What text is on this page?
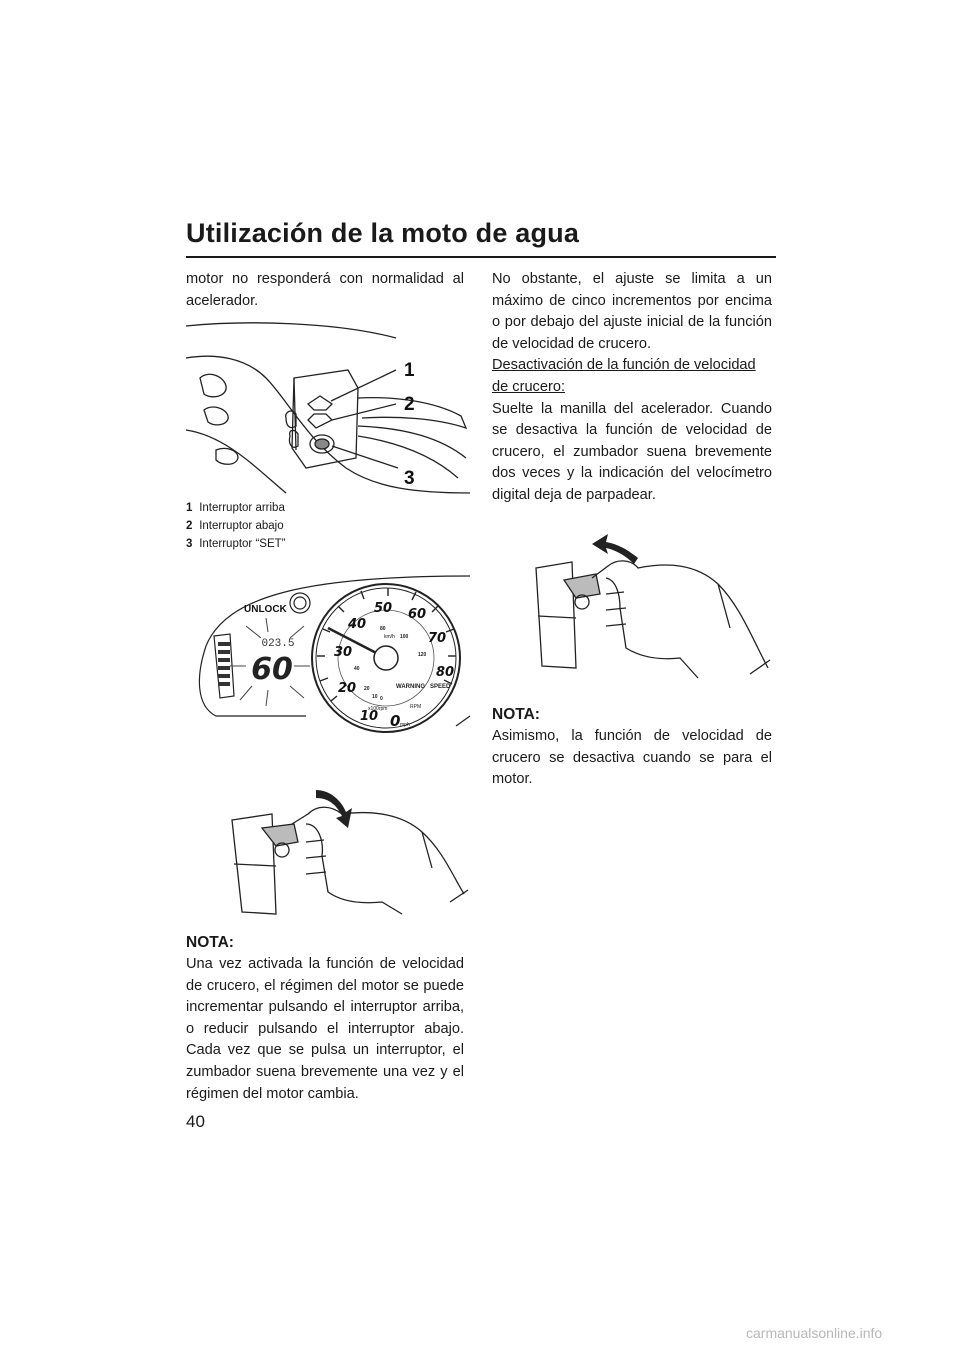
Utilización de la moto de agua

motor no responderá con normalidad al acelerador.

1
2
3
1 Interruptor arriba
2 Interruptor abajo
3 Interruptor “SET”
UNLOCK
023.5
60
10
20
30
40
50 60
70
80
0 mph
km/h
0
10
20
40
80
100
120
x100rpm	RPM
WARNING SPEED

NOTA:

Una vez activada la función de velocidad de crucero, el régimen del motor se puede incrementar pulsando el interruptor arriba, o reducir pulsando el interruptor abajo. Cada vez que se pulsa un interruptor, el zumbador suena brevemente una vez y el régimen del motor cambia.

No obstante, el ajuste se limita a un máximo de cinco incrementos por encima o por debajo del ajuste inicial de la función de velocidad de crucero.

Desactivación de la función de velocidad de crucero:

Suelte la manilla del acelerador. Cuando se desactiva la función de velocidad de crucero, el zumbador suena brevemente dos veces y la indicación del velocímetro digital deja de parpadear.

NOTA:

Asimismo, la función de velocidad de crucero se desactiva cuando se para el motor.

40
carmanualsonline.info
